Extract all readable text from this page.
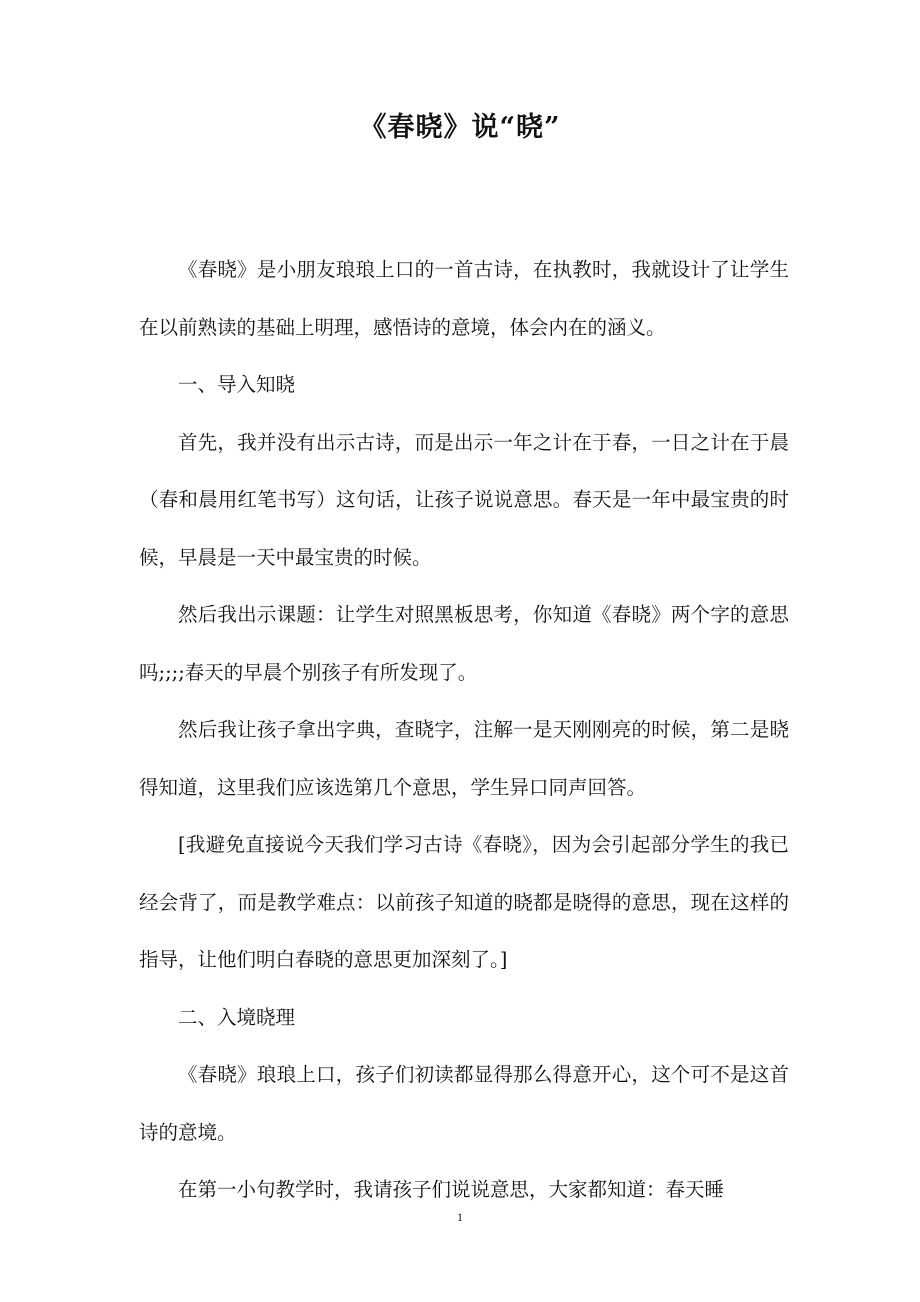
《春晓》说“晓”

《春晓》是小朋友琅琅上口的一首古诗，在执教时，我就设计了让学生在以前熟读的基础上明理，感悟诗的意境，体会内在的涵义。

一、导入知晓

首先，我并没有出示古诗，而是出示一年之计在于春，一日之计在于晨（春和晨用红笔书写）这句话，让孩子说说意思。春天是一年中最宝贵的时候，早晨是一天中最宝贵的时候。

然后我出示课题：让学生对照黑板思考，你知道《春晓》两个字的意思吗;;;;春天的早晨个别孩子有所发现了。

然后我让孩子拿出字典，查晓字，注解一是天刚刚亮的时候，第二是晓得知道，这里我们应该选第几个意思，学生异口同声回答。

[我避免直接说今天我们学习古诗《春晓》，因为会引起部分学生的我已经会背了，而是教学难点：以前孩子知道的晓都是晓得的意思，现在这样的指导，让他们明白春晓的意思更加深刻了。]

二、入境晓理

《春晓》琅琅上口，孩子们初读都显得那么得意开心，这个可不是这首诗的意境。

在第一小句教学时，我请孩子们说说意思，大家都知道：春天睡

1
